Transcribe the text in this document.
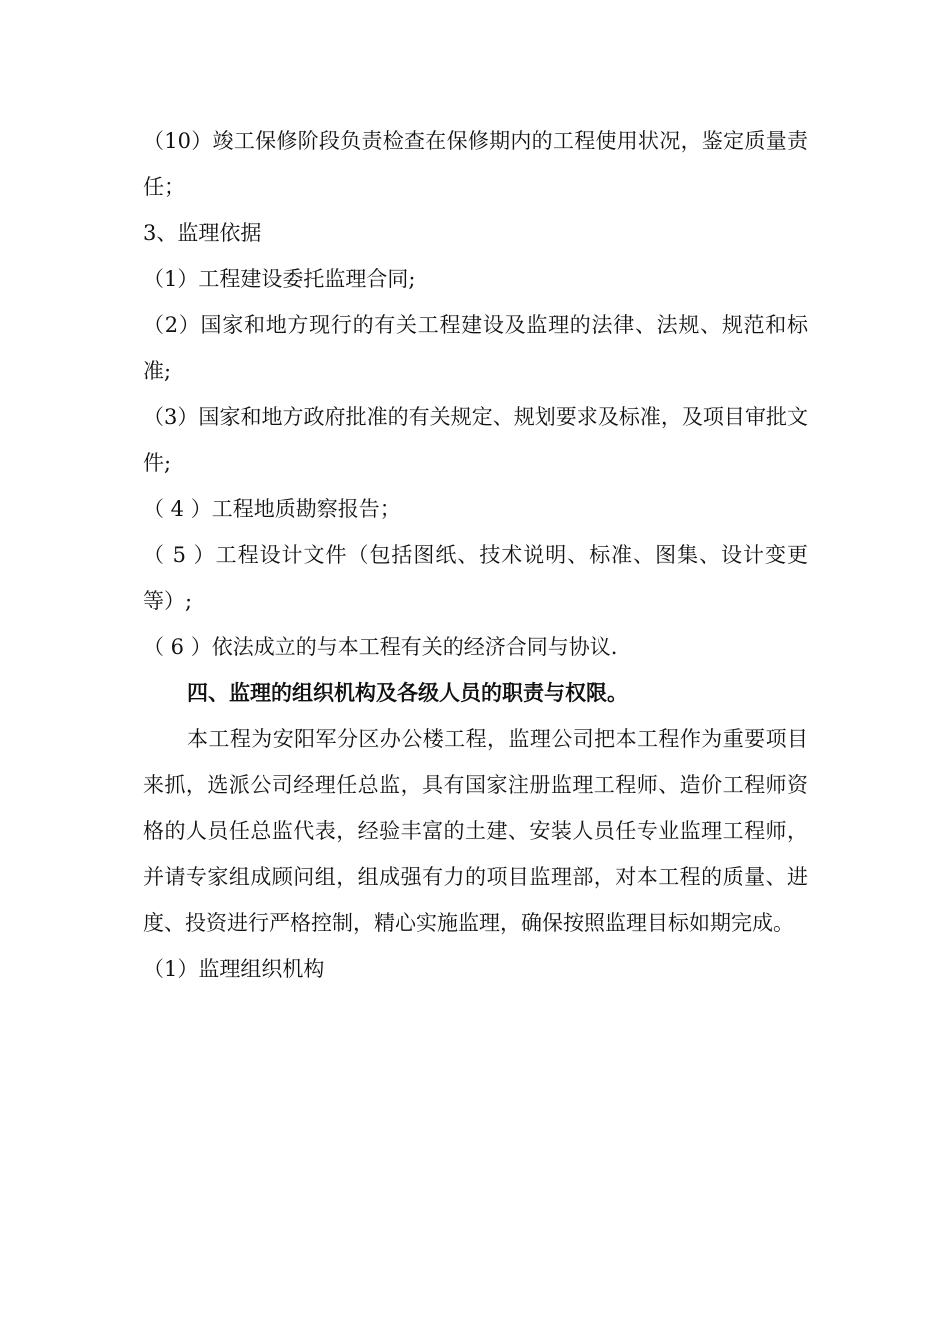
（10）竣工保修阶段负责检查在保修期内的工程使用状况，鉴定质量责任；

3、监理依据

（1）工程建设委托监理合同;

（2）国家和地方现行的有关工程建设及监理的法律、法规、规范和标准;

（3）国家和地方政府批准的有关规定、规划要求及标准，及项目审批文件;

（ 4 ）工程地质勘察报告；

（ 5 ）工程设计文件（包括图纸、技术说明、标准、图集、设计变更等）;

（ 6 ）依法成立的与本工程有关的经济合同与协议.

四、监理的组织机构及各级人员的职责与权限。

本工程为安阳军分区办公楼工程，监理公司把本工程作为重要项目来抓，选派公司经理任总监，具有国家注册监理工程师、造价工程师资格的人员任总监代表，经验丰富的土建、安装人员任专业监理工程师，并请专家组成顾问组，组成强有力的项目监理部，对本工程的质量、进度、投资进行严格控制，精心实施监理，确保按照监理目标如期完成。

（1）监理组织机构
